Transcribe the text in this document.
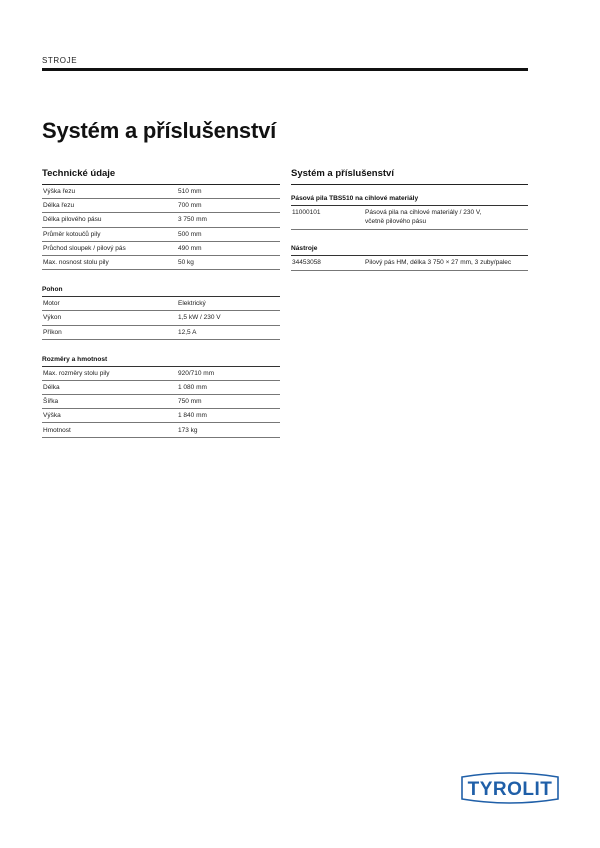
STROJE
Systém a příslušenství
Technické údaje
Výška řezu	510 mm
Délka řezu	700 mm
Délka pilového pásu	3 750 mm
Průměr kotoučů pily	500 mm
Průchod sloupek / pilový pás	490 mm
Max. nosnost stolu pily	50 kg
Pohon
Motor	Elektrický
Výkon	1,5 kW / 230 V
Příkon	12,5 A
Rozměry a hmotnost
Max. rozměry stolu pily	920/710 mm
Délka	1 080 mm
Šířka	750 mm
Výška	1 840 mm
Hmotnost	173 kg
Systém a příslušenství
Pásová pila TBS510 na cihlové materiály
11000101	Pásová pila na cihlové materiály / 230 V,
včetně pilového pásu
Nástroje
34453058	Pilový pás HM, délka 3 750 × 27 mm, 3 zuby/palec
TYROLIT
